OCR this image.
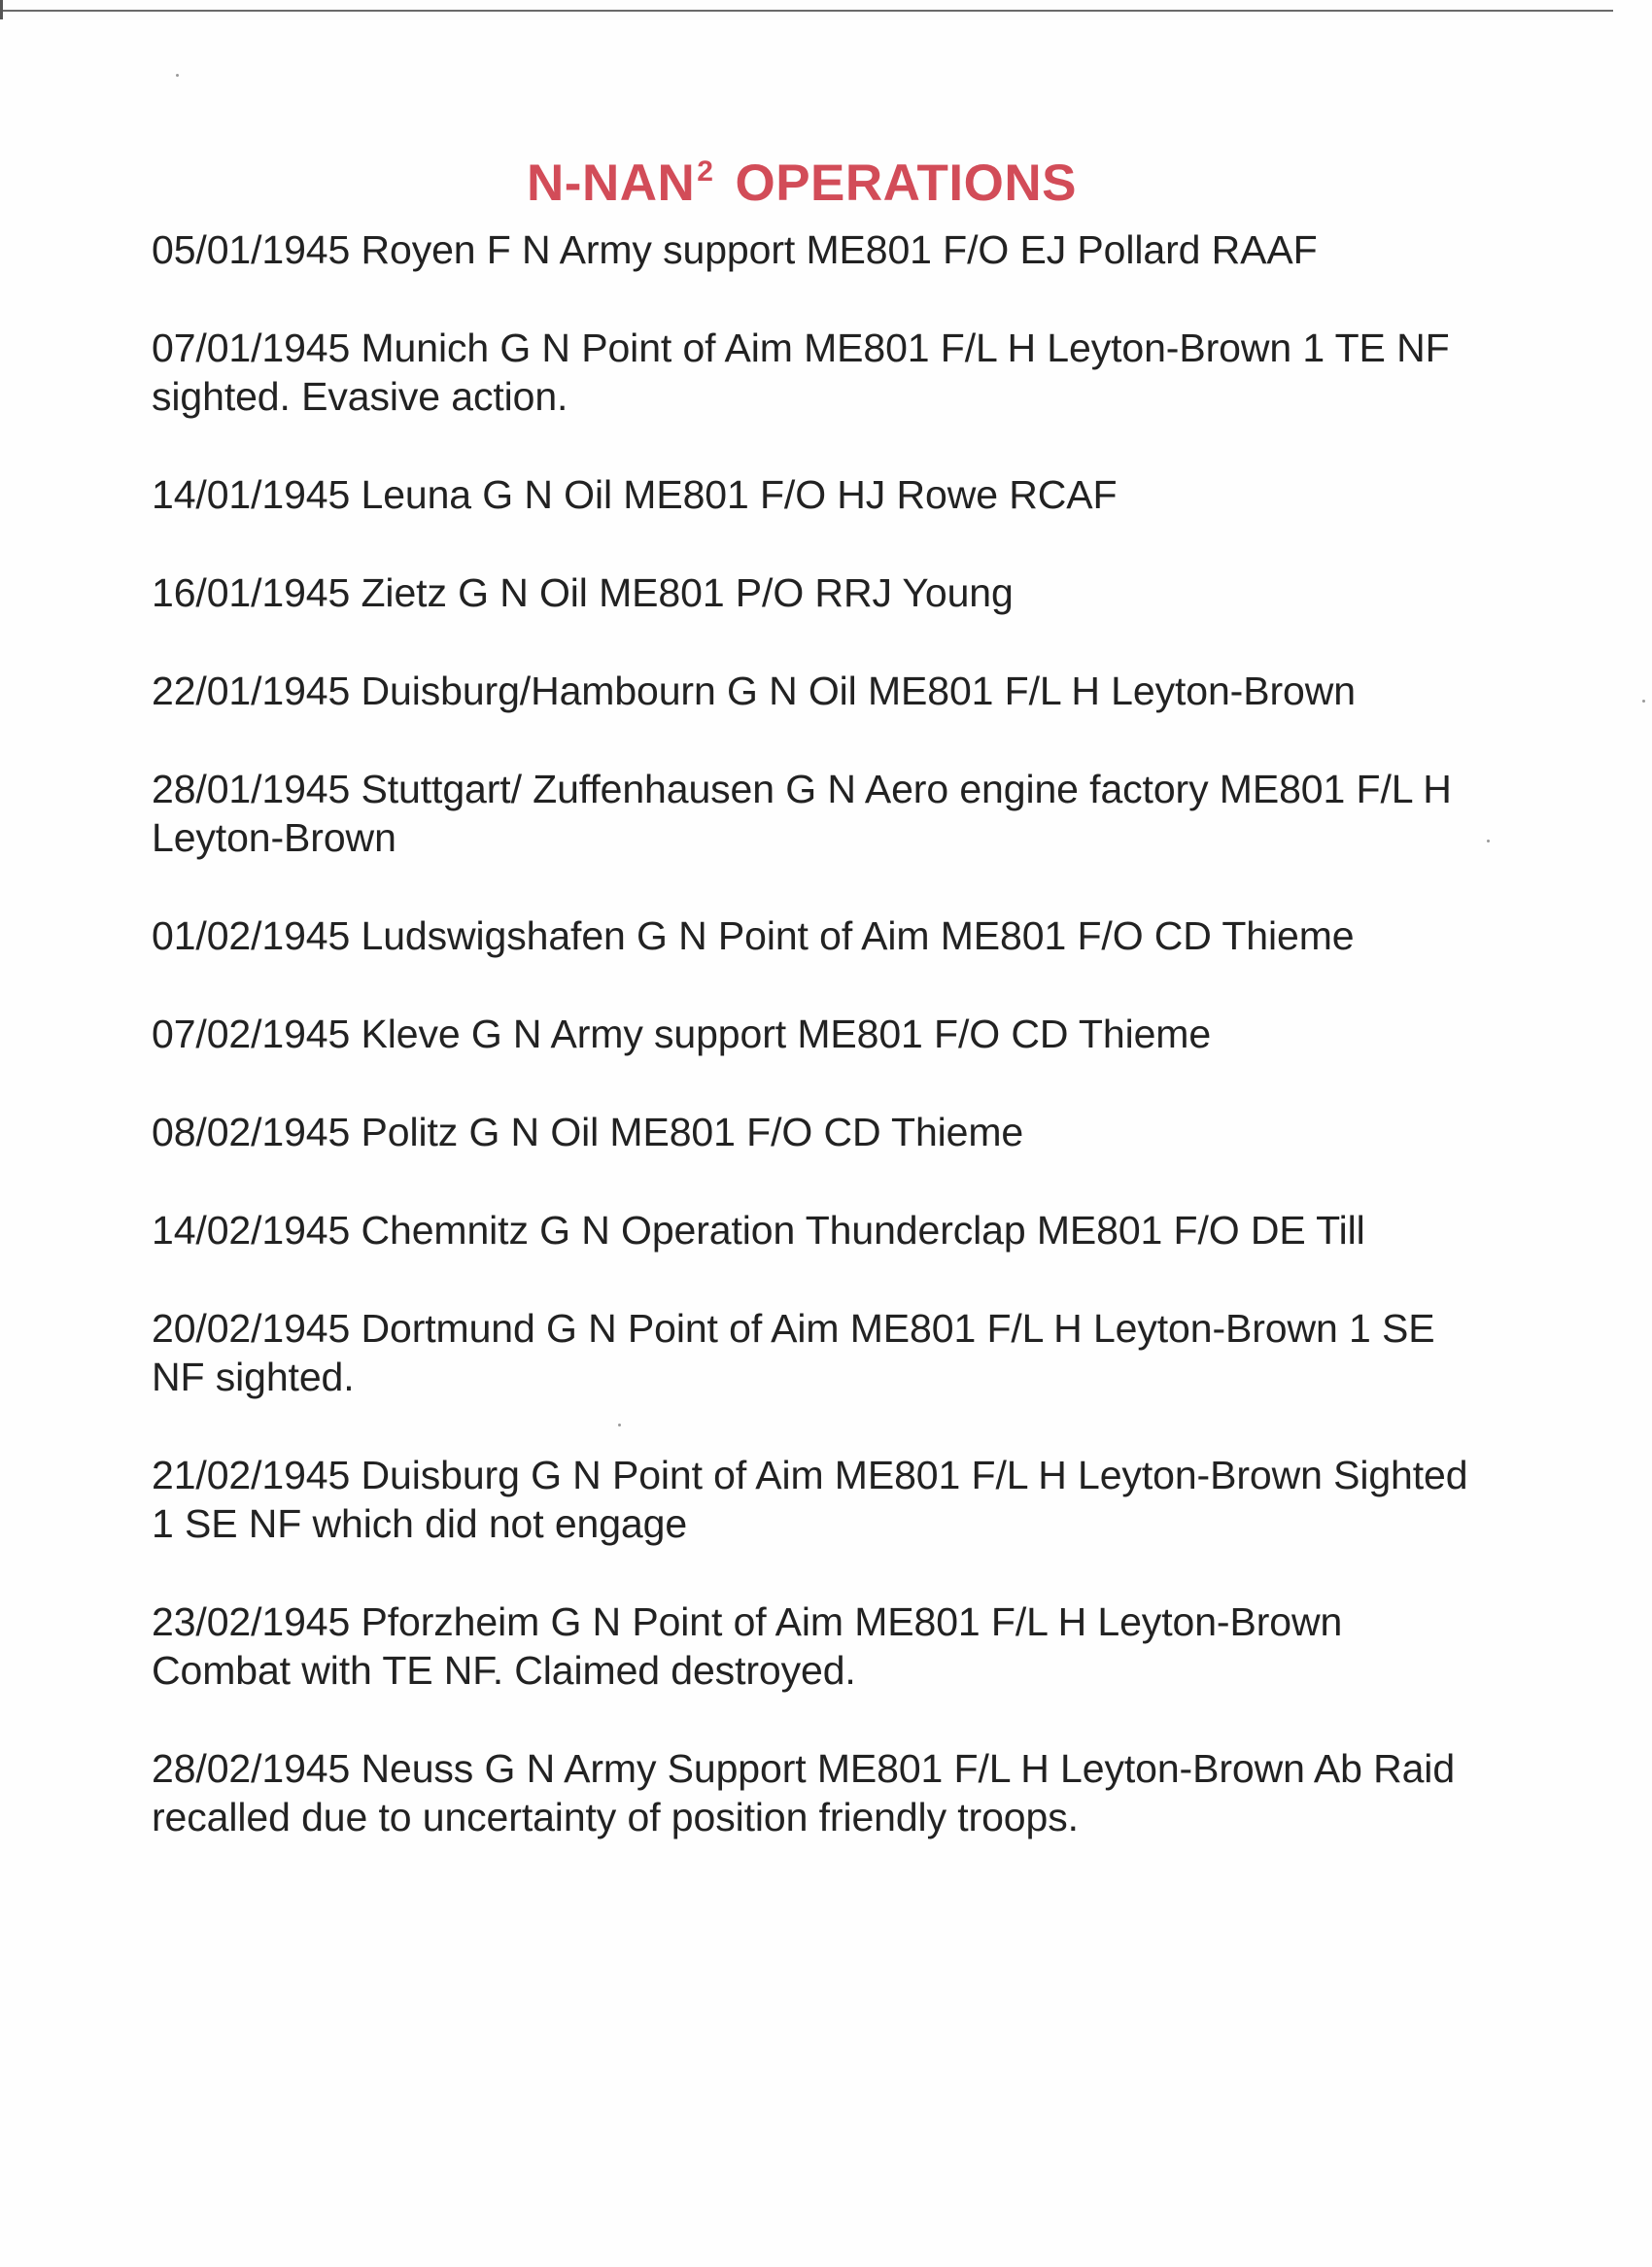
N-NAN$^2$ OPERATIONS
05/01/1945 Royen F N Army support ME801 F/O EJ Pollard RAAF
07/01/1945 Munich G N Point of Aim ME801 F/L H Leyton-Brown 1 TE NF sighted. Evasive action.
14/01/1945 Leuna G N Oil ME801 F/O HJ Rowe RCAF
16/01/1945 Zietz G N Oil ME801 P/O RRJ Young
22/01/1945 Duisburg/Hambourn G N Oil ME801 F/L H Leyton-Brown
28/01/1945 Stuttgart/ Zuffenhausen G N Aero engine factory ME801 F/L H Leyton-Brown
01/02/1945 Ludswigshafen G N Point of Aim ME801 F/O CD Thieme
07/02/1945 Kleve G N Army support ME801 F/O CD Thieme
08/02/1945 Politz G N Oil ME801 F/O CD Thieme
14/02/1945 Chemnitz G N Operation Thunderclap ME801 F/O DE Till
20/02/1945 Dortmund G N Point of Aim ME801 F/L H Leyton-Brown 1 SE NF sighted.
21/02/1945 Duisburg G N Point of Aim ME801 F/L H Leyton-Brown Sighted 1 SE NF which did not engage
23/02/1945 Pforzheim G N Point of Aim ME801 F/L H Leyton-Brown Combat with TE NF. Claimed destroyed.
28/02/1945 Neuss G N Army Support ME801 F/L H Leyton-Brown Ab Raid recalled due to uncertainty of position friendly troops.
